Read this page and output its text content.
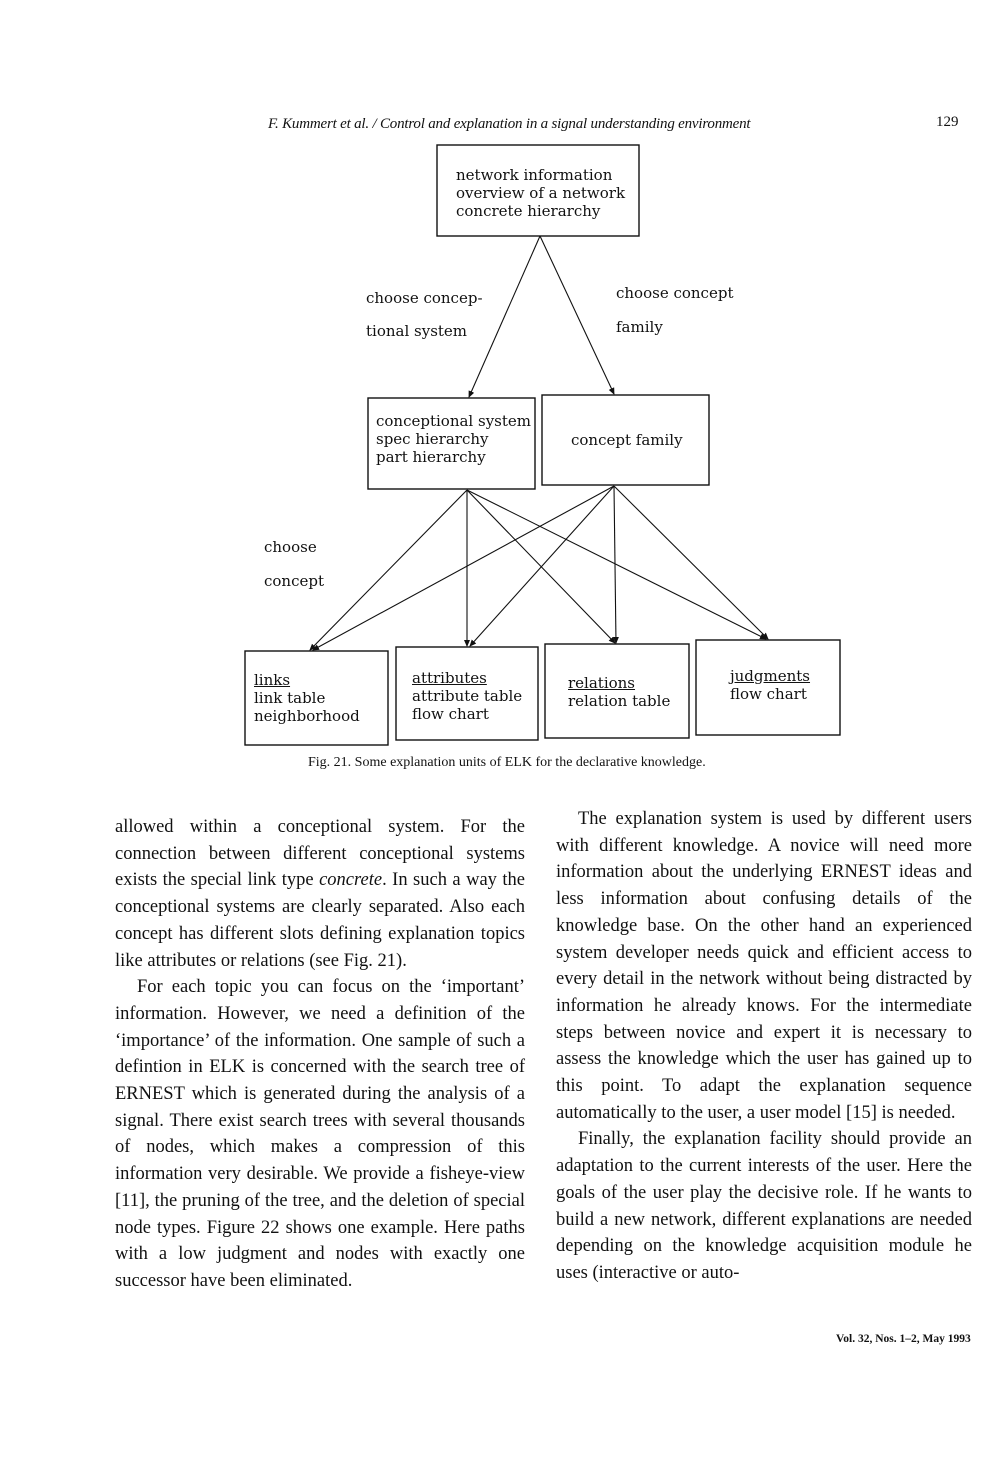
F. Kummert et al. / Control and explanation in a signal understanding environment	129
network information
overview of a network
concrete hierarchy
choose concep-
tional system
choose concept
family
choose
concept
conceptional system
spec hierarchy
part hierarchy
concept family
links
link table
neighborhood
attributes
attribute table
flow chart
relations
relation table
judgments
flow chart
Fig. 21. Some explanation units of ELK for the declarative knowledge.

allowed within a conceptional system. For the connection between different conceptional systems exists the special link type concrete. In such a way the conceptional systems are clearly separated. Also each concept has different slots defining explanation topics like attributes or relations (see Fig. 21).

For each topic you can focus on the ‘important’ information. However, we need a definition of the ‘importance’ of the information. One sample of such a defintion in ELK is concerned with the search tree of ERNEST which is generated during the analysis of a signal. There exist search trees with several thousands of nodes, which makes a compression of this information very desirable. We provide a fisheye-view [11], the pruning of the tree, and the deletion of special node types. Figure 22 shows one example. Here paths with a low judgment and nodes with exactly one successor have been eliminated.

The explanation system is used by different users with different knowledge. A novice will need more information about the underlying ERNEST ideas and less information about confusing details of the knowledge base. On the other hand an experienced system developer needs quick and efficient access to every detail in the network without being distracted by information he already knows. For the intermediate steps between novice and expert it is necessary to assess the knowledge which the user has gained up to this point. To adapt the explanation sequence automatically to the user, a user model [15] is needed.

Finally, the explanation facility should provide an adaptation to the current interests of the user. Here the goals of the user play the decisive role. If he wants to build a new network, different explanations are needed depending on the knowledge acquisition module he uses (interactive or auto-

Vol. 32, Nos. 1–2, May 1993
